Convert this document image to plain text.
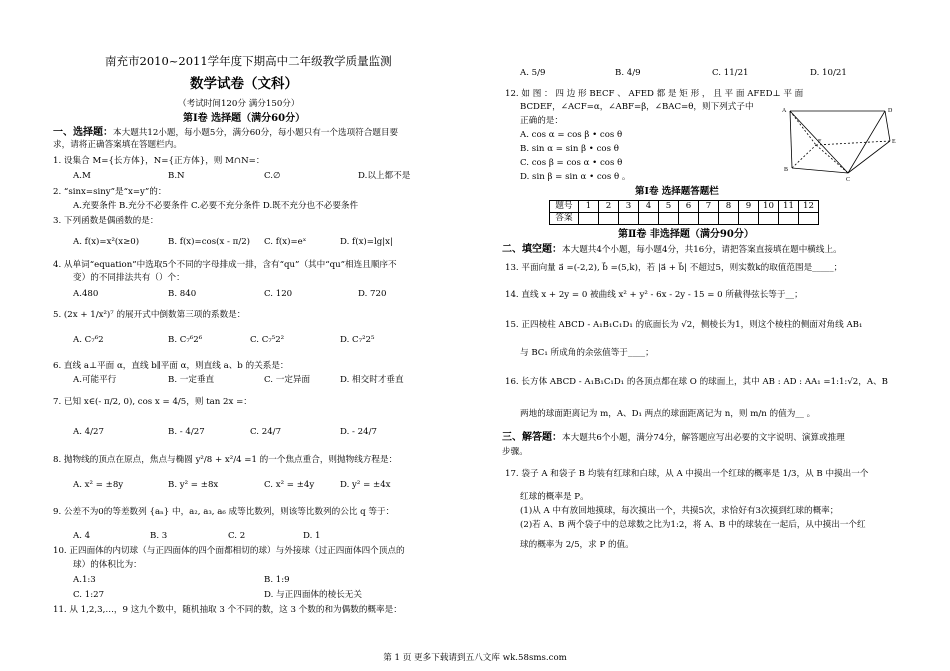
南充市2010~2011学年度下期高中二年级教学质量监测
数学试卷（文科）
（考试时间120分 满分150分）
第Ⅰ卷 选择题（满分60分）
一、选择题：本大题共12小题，每小题5分，满分60分，每小题只有一个选项符合题目要
求，请将正确答案填在答题栏内。
1. 设集合 M={长方体}，N={正方体}，则 M∩N=：
A.M	B.N	C.∅	D.以上都不是
2. “sinx=siny”是“x=y”的：
A.充要条件 B.充分不必要条件 C.必要不充分条件 D.既不充分也不必要条件
3. 下列函数是偶函数的是：
A. f(x)=x²(x≥0)	B. f(x)=cos(x - π/2) C. f(x)=eˣ	D. f(x)=lg|x|
4. 从单词“equation”中选取5个不同的字母排成一排，含有“qu”（其中“qu”相连且顺序不
变）的不同排法共有（）个：
A.480	B. 840	C. 120	D. 720
5. (2x + 1/x²)⁷ 的展开式中倒数第三项的系数是：
A. C₇⁶2	B. C₇⁶2⁶	C. C₇⁵2²	D. C₇²2⁵
6. 直线 a⊥平面 α，直线 b∥平面 α，则直线 a、b 的关系是：
A.可能平行	B. 一定垂直	C. 一定异面	D. 相交时才垂直
7. 已知 x∈(- π/2, 0), cos x = 4/5，则 tan 2x =：
A. 4/27	B. - 4/27	C. 24/7	D. - 24/7
8. 抛物线的顶点在原点，焦点与椭圆 y²/8 + x²/4 =1 的一个焦点重合，则抛物线方程是：
A. x² = ±8y	B. y² = ±8x	C. x² = ±4y	D. y² = ±4x
9. 公差不为0的等差数列 {aₙ} 中，a₂, a₃, a₆ 成等比数列，则该等比数列的公比 q 等于：
A. 4	B. 3	C. 2	D. 1
10. 正四面体的内切球（与正四面体的四个面都相切的球）与外接球（过正四面体四个顶点的
球）的体积比为：
A.1:3	B. 1:9
C. 1:27	D. 与正四面体的棱长无关
11. 从 1,2,3,…，9 这九个数中，随机抽取 3 个不同的数，这 3 个数的和为偶数的概率是：
A. 5/9	B. 4/9	C. 11/21	D. 10/21
12. 如 图 ： 四 边 形 BECF 、 AFED 都 是 矩 形 ， 且 平 面 AFED⊥ 平 面
BCDEF，∠ACF=α，∠ABF=β，∠BAC=θ，则下列式子中
正确的是：
A. cos α = cos β • cos θ
B. sin α = sin β • cos θ
C. cos β = cos α • cos θ
D. sin β = sin α • cos θ 。
A	D
F	E
B
C
第Ⅰ卷 选择题答题栏
题号	1	2	3	4	5	6	7	8	9	10	11	12
答案												
第Ⅱ卷 非选择题（满分90分）
二、填空题：本大题共4个小题，每小题4分，共16分，请把答案直接填在题中横线上。
13. 平面向量 a⃗ =(-2,2), b⃗ =(5,k)，若 |a⃗ + b⃗| 不超过5，则实数k的取值范围是_____；
14. 直线 x + 2y = 0 被曲线 x² + y² - 6x - 2y - 15 = 0 所截得弦长等于__；
15. 正四棱柱 ABCD - A₁B₁C₁D₁ 的底面长为 √2，侧棱长为1，则这个棱柱的侧面对角线 AB₁
与 BC₁ 所成角的余弦值等于____；
16. 长方体 ABCD - A₁B₁C₁D₁ 的各顶点都在球 O 的球面上，其中 AB : AD : AA₁ =1:1:√2，A、B
两地的球面距离记为 m，A、D₁ 两点的球面距离记为 n，则 m/n 的值为__ 。
三、解答题：本大题共6个小题，满分74分，解答题应写出必要的文字说明、演算或推理
步骤。
17. 袋子 A 和袋子 B 均装有红球和白球，从 A 中摸出一个红球的概率是 1/3，从 B 中摸出一个
红球的概率是 P。
(1)从 A 中有放回地摸球，每次摸出一个，共摸5次，求恰好有3次摸到红球的概率；
(2)若 A、B 两个袋子中的总球数之比为1:2，将 A、B 中的球装在一起后，从中摸出一个红
球的概率为 2/5，求 P 的值。
第 1 页 更多下载请到五八文库 wk.58sms.com
